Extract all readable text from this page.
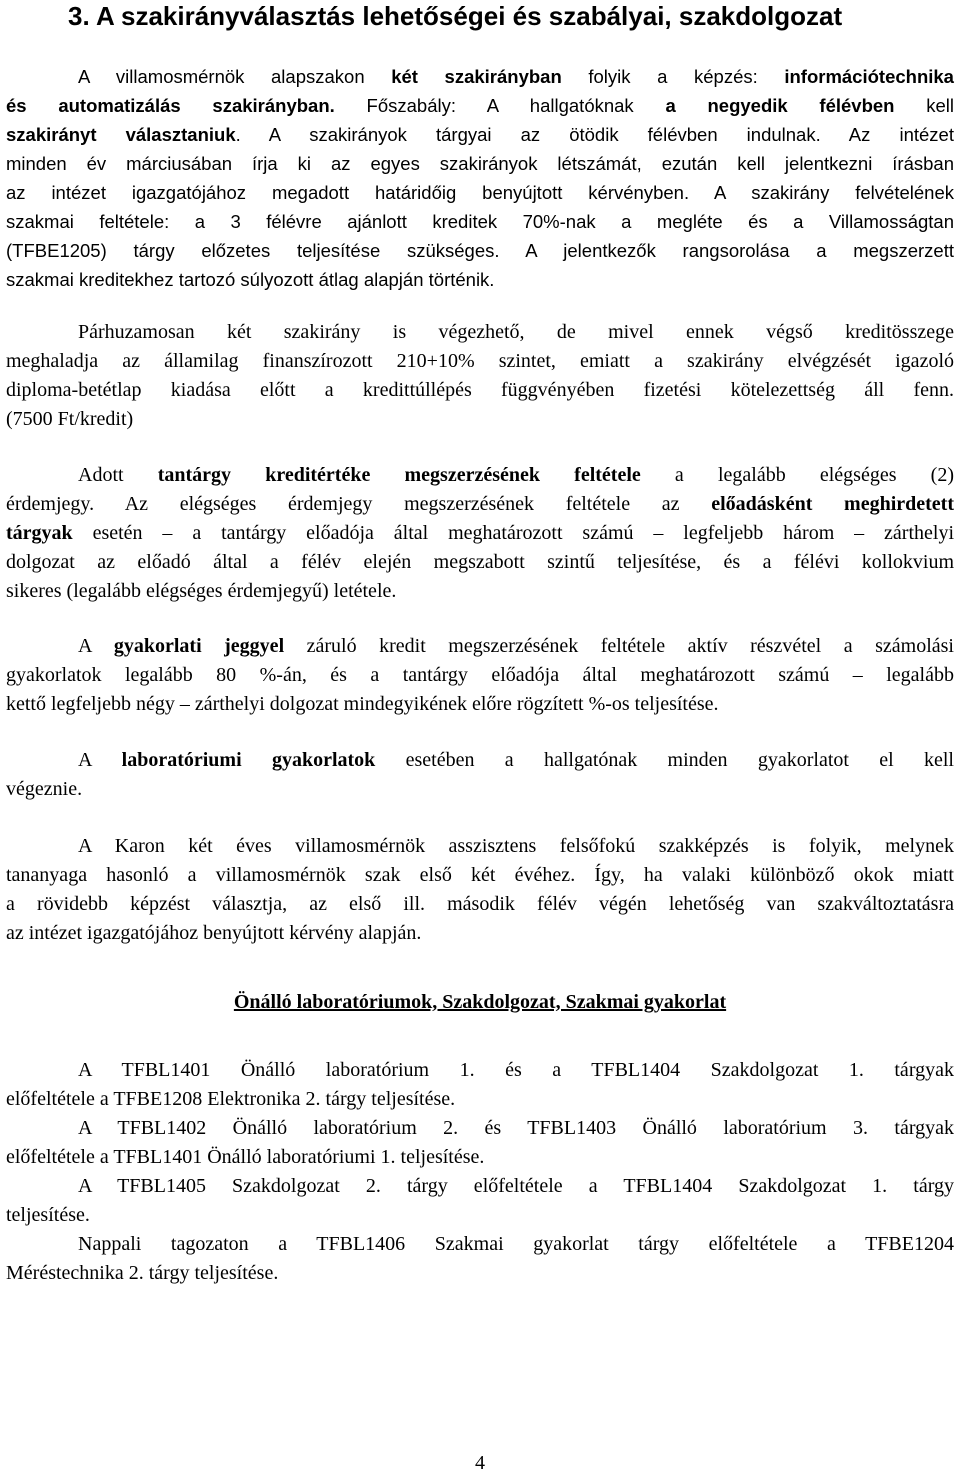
3. A szakirányválasztás lehetőségei és szabályai, szakdolgozat
A villamosmérnök alapszakon két szakirányban folyik a képzés: információtechnika
és automatizálás szakirányban. Főszabály: A hallgatóknak a negyedik félévben kell
szakirányt választaniuk. A szakirányok tárgyai az ötödik félévben indulnak. Az intézet
minden év márciusában írja ki az egyes szakirányok létszámát, ezután kell jelentkezni írásban
az intézet igazgatójához megadott határidőig benyújtott kérvényben. A szakirány felvételének
szakmai feltétele: a 3 félévre ajánlott kreditek 70%-nak a megléte és a Villamosságtan
(TFBE1205) tárgy előzetes teljesítése szükséges. A jelentkezők rangsorolása a megszerzett
szakmai kreditekhez tartozó súlyozott átlag alapján történik.
Párhuzamosan két szakirány is végezhető, de mivel ennek végső kreditösszege
meghaladja az államilag finanszírozott 210+10% szintet, emiatt a szakirány elvégzését igazoló
diploma-betétlap kiadása előtt a kredittúllépés függvényében fizetési kötelezettség áll fenn.
(7500 Ft/kredit)
Adott tantárgy kreditértéke megszerzésének feltétele a legalább elégséges (2)
érdemjegy. Az elégséges érdemjegy megszerzésének feltétele az előadásként meghirdetett
tárgyak esetén – a tantárgy előadója által meghatározott számú – legfeljebb három – zárthelyi
dolgozat az előadó által a félév elején megszabott szintű teljesítése, és a félévi kollokvium
sikeres (legalább elégséges érdemjegyű) letétele.
A gyakorlati jeggyel záruló kredit megszerzésének feltétele aktív részvétel a számolási
gyakorlatok legalább 80 %-án, és a tantárgy előadója által meghatározott számú – legalább
kettő legfeljebb négy – zárthelyi dolgozat mindegyikének előre rögzített %-os teljesítése.
A laboratóriumi gyakorlatok esetében a hallgatónak minden gyakorlatot el kell
végeznie.
A Karon két éves villamosmérnök asszisztens felsőfokú szakképzés is folyik, melynek
tananyaga hasonló a villamosmérnök szak első két évéhez. Így, ha valaki különböző okok miatt
a rövidebb képzést választja, az első ill. második félév végén lehetőség van szakváltoztatásra
az intézet igazgatójához benyújtott kérvény alapján.
Önálló laboratóriumok, Szakdolgozat, Szakmai gyakorlat
A TFBL1401 Önálló laboratórium 1. és a TFBL1404 Szakdolgozat 1. tárgyak
előfeltétele a TFBE1208 Elektronika 2. tárgy teljesítése.
A TFBL1402 Önálló laboratórium 2. és TFBL1403 Önálló laboratórium 3. tárgyak
előfeltétele a TFBL1401 Önálló laboratóriumi 1. teljesítése.
A TFBL1405 Szakdolgozat 2. tárgy előfeltétele a TFBL1404 Szakdolgozat 1. tárgy
teljesítése.
Nappali tagozaton a TFBL1406 Szakmai gyakorlat tárgy előfeltétele a TFBE1204
Méréstechnika 2. tárgy teljesítése.
4
